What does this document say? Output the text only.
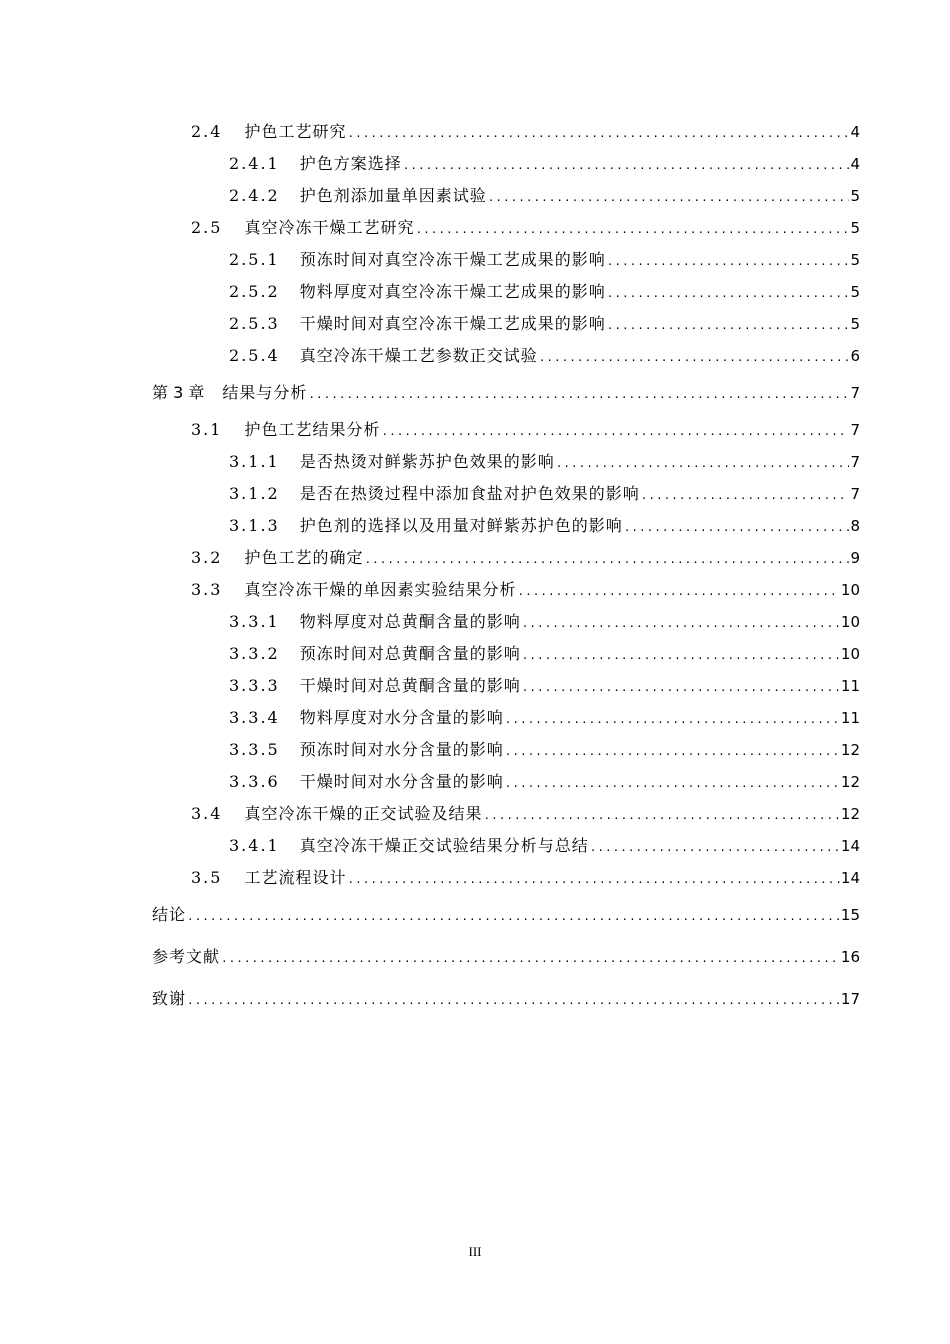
2.4 护色工艺研究 .....	4
2.4.1 护色方案选择 .....	4
2.4.2 护色剂添加量单因素试验 .....	5
2.5 真空冷冻干燥工艺研究 .....	5
2.5.1 预冻时间对真空冷冻干燥工艺成果的影响 .....	5
2.5.2 物料厚度对真空冷冻干燥工艺成果的影响 .....	5
2.5.3 干燥时间对真空冷冻干燥工艺成果的影响 .....	5
2.5.4 真空冷冻干燥工艺参数正交试验 .....	6
第 3 章 结果与分析 .....	7
3.1 护色工艺结果分析 .....	7
3.1.1 是否热烫对鲜紫苏护色效果的影响 .....	7
3.1.2 是否在热烫过程中添加食盐对护色效果的影响 .....	7
3.1.3 护色剂的选择以及用量对鲜紫苏护色的影响 .....	8
3.2 护色工艺的确定 .....	9
3.3 真空冷冻干燥的单因素实验结果分析 .....	10
3.3.1 物料厚度对总黄酮含量的影响 .....	10
3.3.2 预冻时间对总黄酮含量的影响 .....	10
3.3.3 干燥时间对总黄酮含量的影响 .....	11
3.3.4 物料厚度对水分含量的影响 .....	11
3.3.5 预冻时间对水分含量的影响 .....	12
3.3.6 干燥时间对水分含量的影响 .....	12
3.4 真空冷冻干燥的正交试验及结果 .....	12
3.4.1 真空冷冻干燥正交试验结果分析与总结 .....	14
3.5 工艺流程设计 .....	14
结论 .....	15
参考文献 .....	16
致谢 .....	17
III
